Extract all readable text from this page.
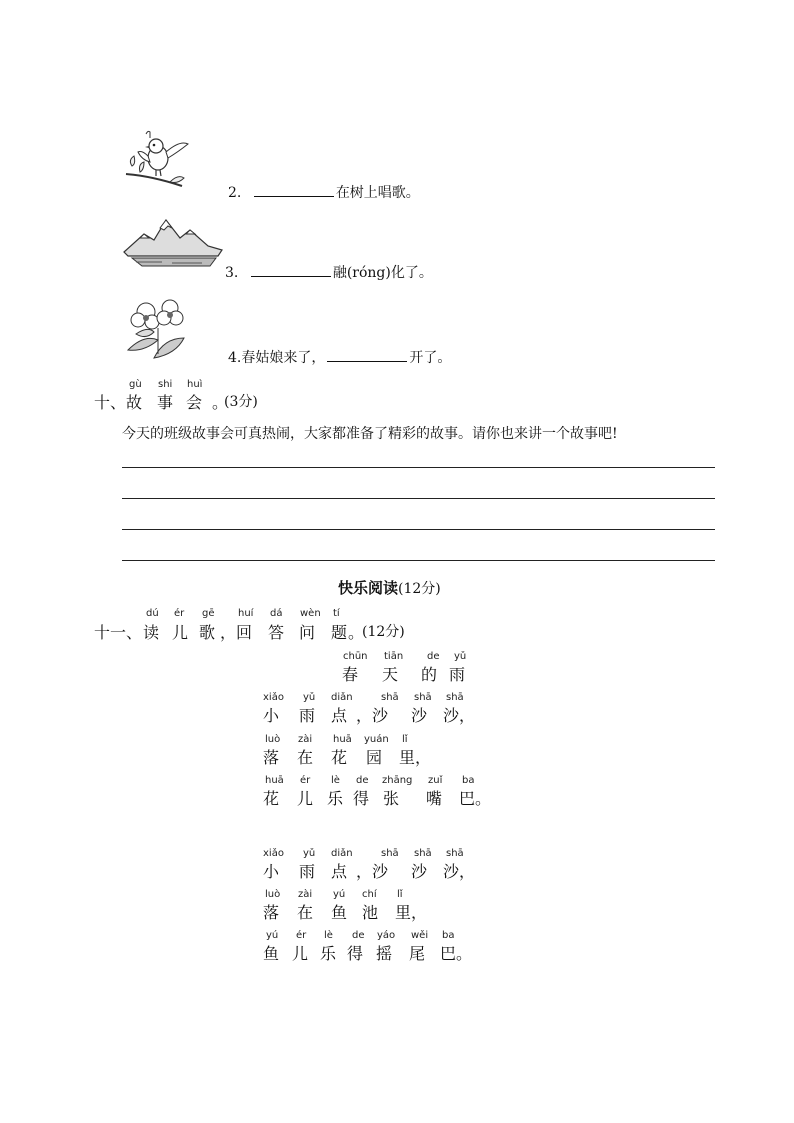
2.	在树上唱歌。
3.	融(róng)化了。
4.春姑娘来了，	开了。
十、
gù shi huì
故 事 会 。
(3分)
今天的班级故事会可真热闹，大家都准备了精彩的故事。请你也来讲一个故事吧!
快乐阅读(12分)
十一、
dú ér gē huí dá wèn tí
读 儿 歌 ，回 答 问 题 。
(12分)
chūn tiān de yǔ
春 天 的 雨
xiǎo yǔ diǎn	shā shā shā
小 雨 点 ，沙 沙 沙，
luò zài huā yuán lǐ
落 在 花 园 里，
huā ér lè de zhāng zuǐ ba
花 儿 乐 得 张 嘴 巴。
xiǎo yǔ diǎn	shā shā shā
小 雨 点 ，沙 沙 沙，
luò zài yú chí lǐ
落 在 鱼 池 里，
yú ér lè de yáo wěi ba
鱼 儿 乐 得 摇 尾 巴。
